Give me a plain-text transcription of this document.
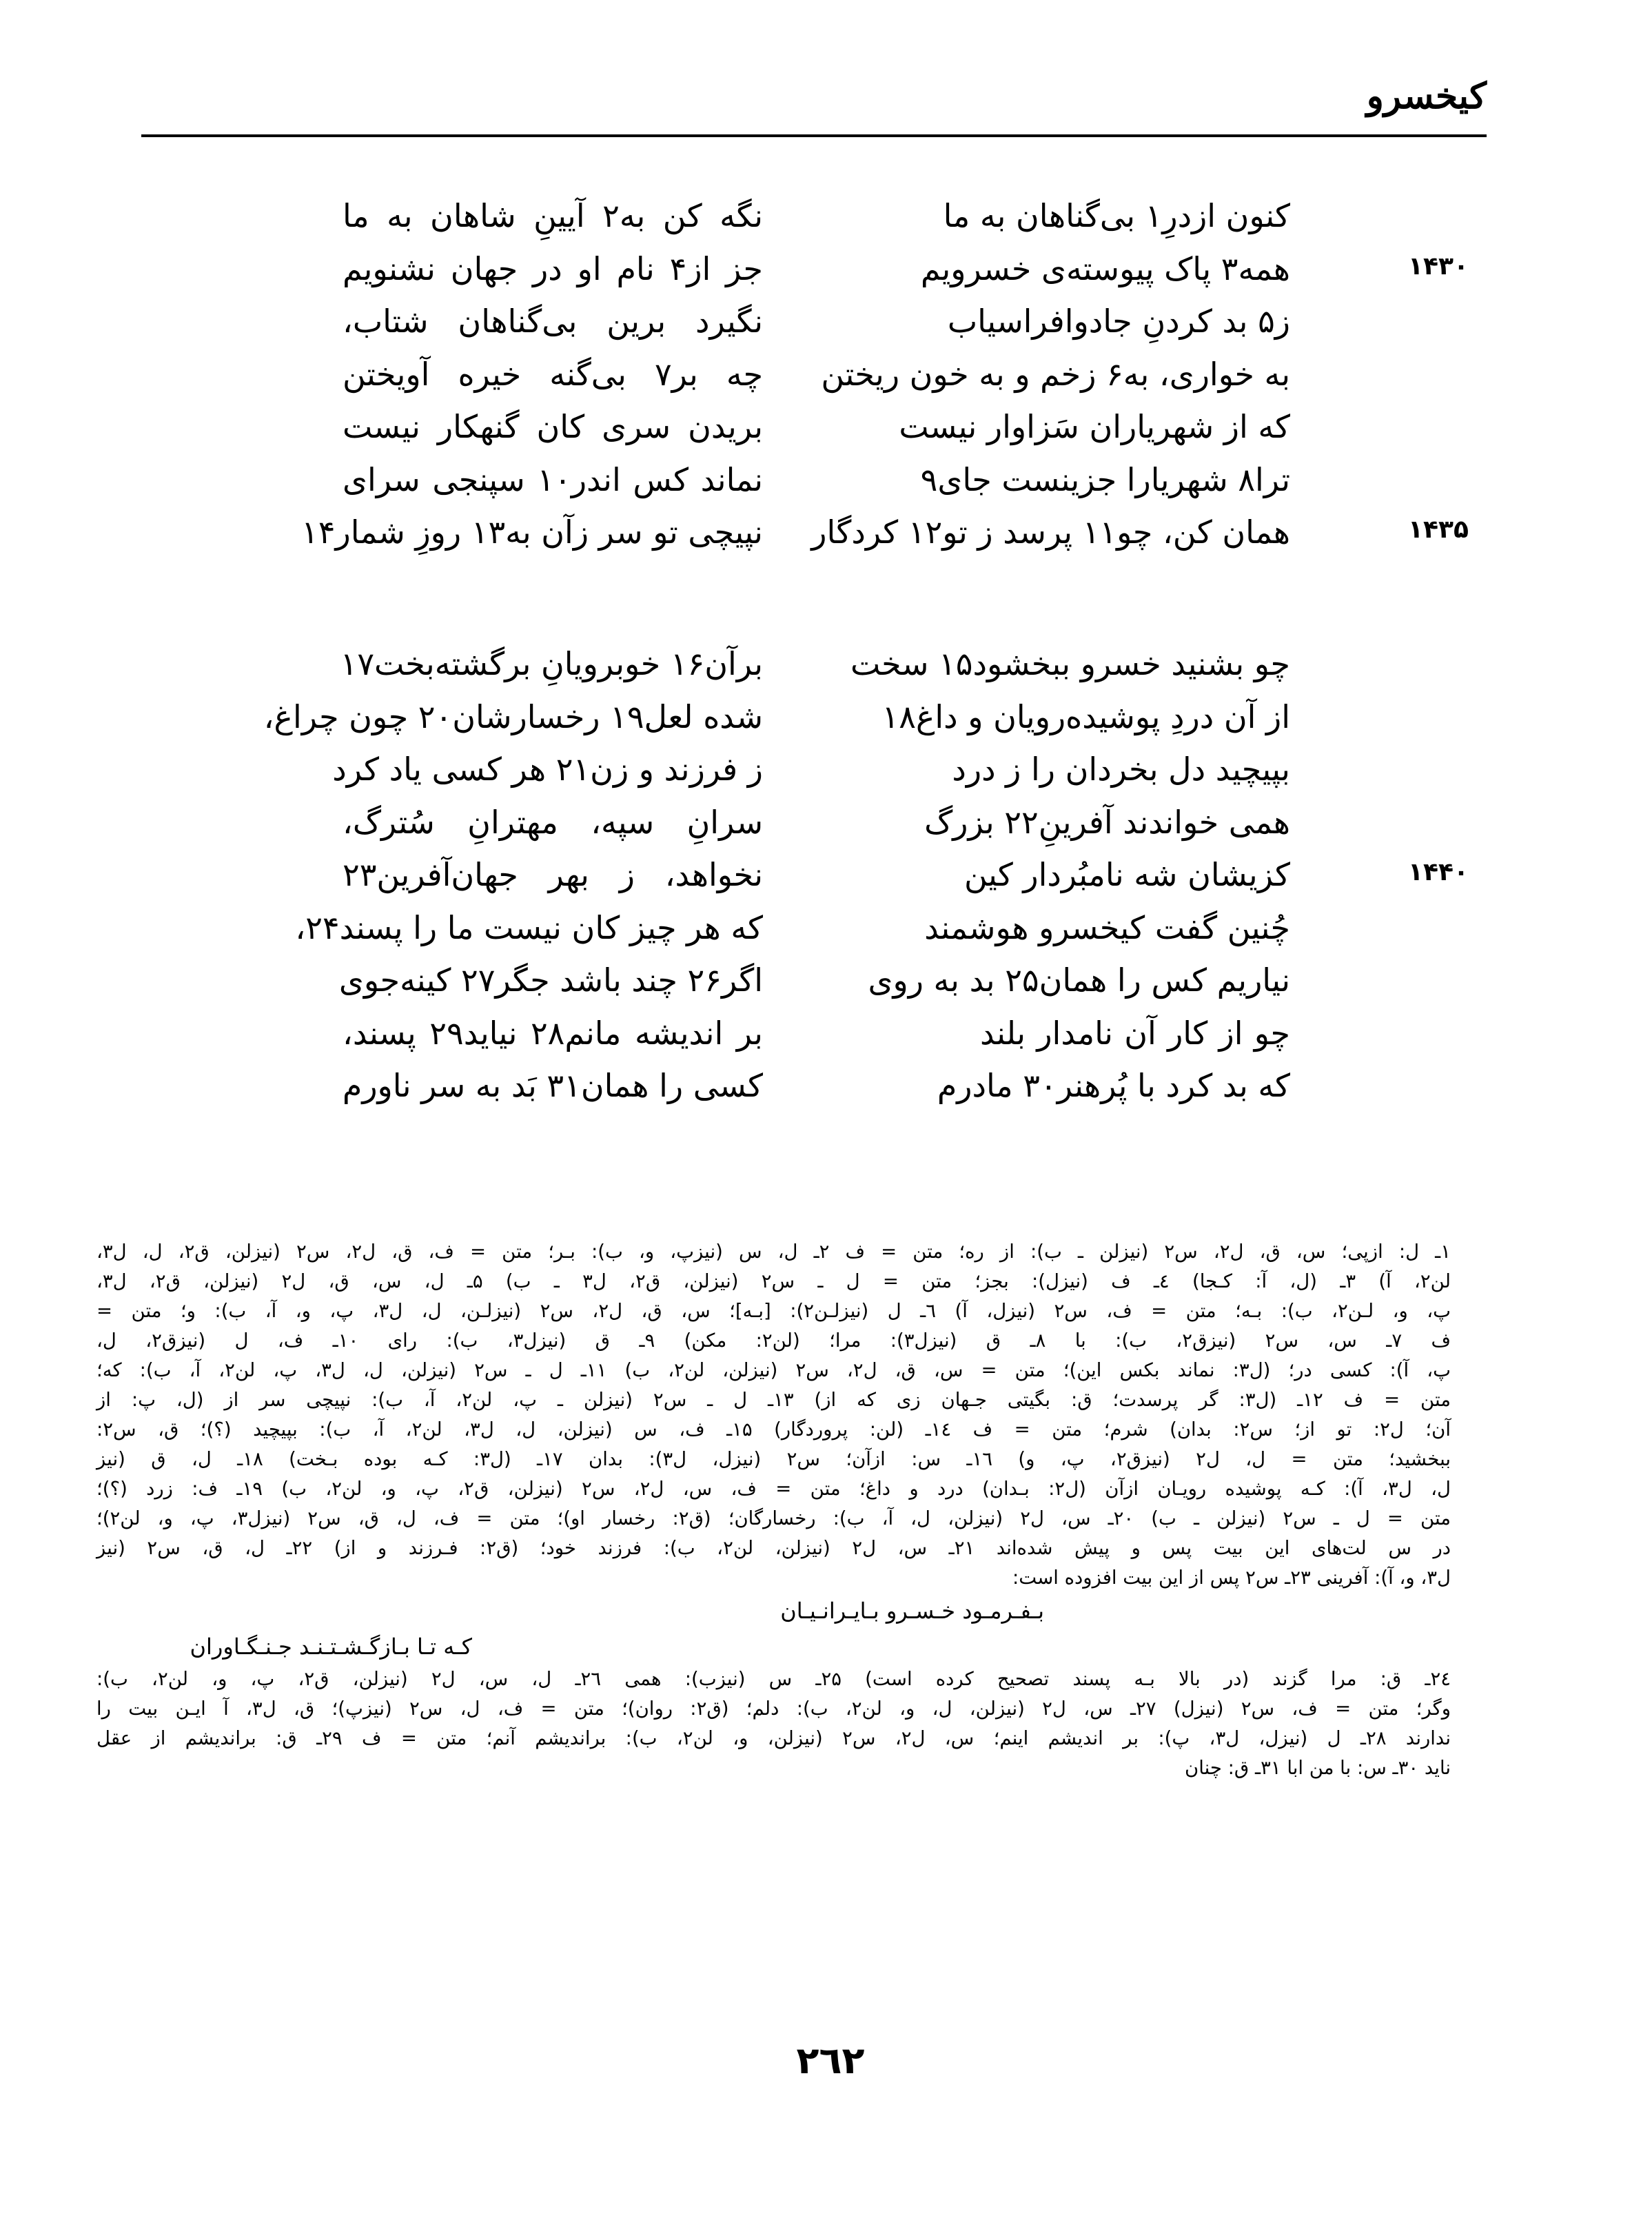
کیخسرو
کنون ازدرِ۱ بی‌گناهان به ما
نگه کن به۲ آیینِ شاهان به ما
۱۴۳۰
همه۳ پاک پیوسته‌ی خسرویم
جز از۴ نام او در جهان نشنویم
ز۵ بد کردنِ جادوافراسیاب
نگیرد برین بی‌گناهان شتاب،
به خواری، به۶ زخم و به خون ریختن
چه بر۷ بی‌گنه خیره آویختن
که از شهریاران سَزاوار نیست
بریدن سری کان گنهکار نیست
ترا۸ شهریارا جزینست جای۹
نماند کس اندر۱۰ سپنجی سرای
۱۴۳۵
همان کن، چو۱۱ پرسد ز تو۱۲ کردگار
نپیچی تو سر زآن به۱۳ روزِ شمار۱۴
چو بشنید خسرو ببخشود۱۵ سخت
برآن۱۶ خوبرویانِ برگشته‌بخت۱۷
از آن دردِ پوشیده‌رویان و داغ۱۸
شده لعل۱۹ رخسارشان۲۰ چون چراغ،
بپیچید دل بخردان را ز درد
ز فرزند و زن۲۱ هر کسی یاد کرد
همی خواندند آفرینِ۲۲ بزرگ
سرانِ سپه، مهترانِ سُترگ،
۱۴۴۰
کزیشان شه نامبُردار کین
نخواهد، ز بهر جهان‌آفرین۲۳
چُنین گفت کیخسرو هوشمند
که هر چیز کان نیست ما را پسند۲۴،
نیاریم کس را همان۲۵ بد به روی
اگر۲۶ چند باشد جگر۲۷ کینه‌جوی
چو از کار آن نامدار بلند
بر اندیشه مانم۲۸ نیاید۲۹ پسند،
که بد کرد با پُرهنر۳۰ مادرم
کسی را همان۳۱ بَد به سر ناورم
۱ـ ل: ازپی؛ س، ق، ل۲، س۲ (نیزلن ـ ب): از ره؛ متن = ف ۲ـ ل، س (نیزپ، و، ب): بـر؛ متن = ف، ق، ل۲، س۲ (نیزلن، ق۲، ل، ل۳،
لن۲، آ) ۳ـ (ل، آ: کـجا) ٤ـ ف (نیزل): بجز؛ متن = ل ـ س۲ (نیزلن، ق۲، ل۳ ـ ب) ۵ـ ل، س، ق، ل۲ (نیزلن، ق۲، ل۳،
پ، و، لـن۲، ب): بـه؛ متن = ف، س۲ (نیزل، آ) ٦ـ ل (نیزلـن۲): [بـه]؛ س، ق، ل۲، س۲ (نیزلـن، ل، ل۳، پ، و، آ، ب): و؛ متن =
ف ۷ـ س، س۲ (نیزق۲، ب): با ۸ـ ق (نیزل۳): مرا؛ (لن۲: مکن) ۹ـ ق (نیزل۳، ب): رای ۱۰ـ ف، ل (نیزق۲، ل،
پ، آ): کسی در؛ (ل۳: نماند بکس این)؛ متن = س، ق، ل۲، س۲ (نیزلن، لن۲، ب) ۱۱ـ ل ـ س۲ (نیزلن، ل، ل۳، پ، لن۲، آ، ب): که؛
متن = ف ۱۲ـ (ل۳: گر پرسدت؛ ق: بگیتی جـهان زی که از) ۱۳ـ ل ـ س۲ (نیزلن ـ پ، لن۲، آ، ب): نپیچی سر از (ل، پ: از
آن؛ ل۲: تو از؛ س۲: بدان) شرم؛ متن = ف ۱٤ـ (لن: پروردگار) ۱۵ـ ف، س (نیزلن، ل، ل۳، لن۲، آ، ب): بپیچید (؟)؛ ق، س۲:
ببخشید؛ متن = ل، ل۲ (نیزق۲، پ، و) ۱٦ـ س: ازآن؛ س۲ (نیزل، ل۳): بدان ۱۷ـ (ل۳: کـه بوده بـخت) ۱۸ـ ل، ق (نیز
ل، ل۳، آ): کـه پوشیده رویـان ازآن (ل۲: بـدان) درد و داغ؛ متن = ف، س، ل۲، س۲ (نیزلن، ق۲، پ، و، لن۲، ب) ۱۹ـ ف: زرد (؟)؛
متن = ل ـ س۲ (نیزلن ـ ب) ۲۰ـ س، ل۲ (نیزلن، ل، آ، ب): رخسارگان؛ (ق۲: رخسار او)؛ متن = ف، ل، ق، س۲ (نیزل۳، پ، و، لن۲)؛
در س لت‌های این بیت پس و پیش شده‌اند ۲۱ـ س، ل۲ (نیزلن، لن۲، ب): فرزند خود؛ (ق۲: فـرزند و از) ۲۲ـ ل، ق، س۲ (نیز
ل۳، و، آ): آفرینی ۲۳ـ س۲ پس از این بیت افزوده است:
بـفـرمـود خـسـرو بـایـرانـیـان
کـه تـا بـازگـشـتـنـد جـنـگـاوران
۲٤ـ ق: مرا گزند (در بالا بـه پسند تصحیح کرده است) ۲۵ـ س (نیزب): همی ۲٦ـ ل، س، ل۲ (نیزلن، ق۲، پ، و، لن۲، ب):
وگر؛ متن = ف، س۲ (نیزل) ۲۷ـ س، ل۲ (نیزلن، ل، و، لن۲، ب): دلم؛ (ق۲: روان)؛ متن = ف، ل، س۲ (نیزپ)؛ ق، ل۳، آ ایـن بیت را
ندارند ۲۸ـ ل (نیزل، ل۳، پ): بر اندیشم اینم؛ س، ل۲، س۲ (نیزلن، و، لن۲، ب): براندیشم آنم؛ متن = ف ۲۹ـ ق: براندیشم از عقل
ناید ۳۰ـ س: با من ابا ۳۱ـ ق: چنان
۲٦۲
